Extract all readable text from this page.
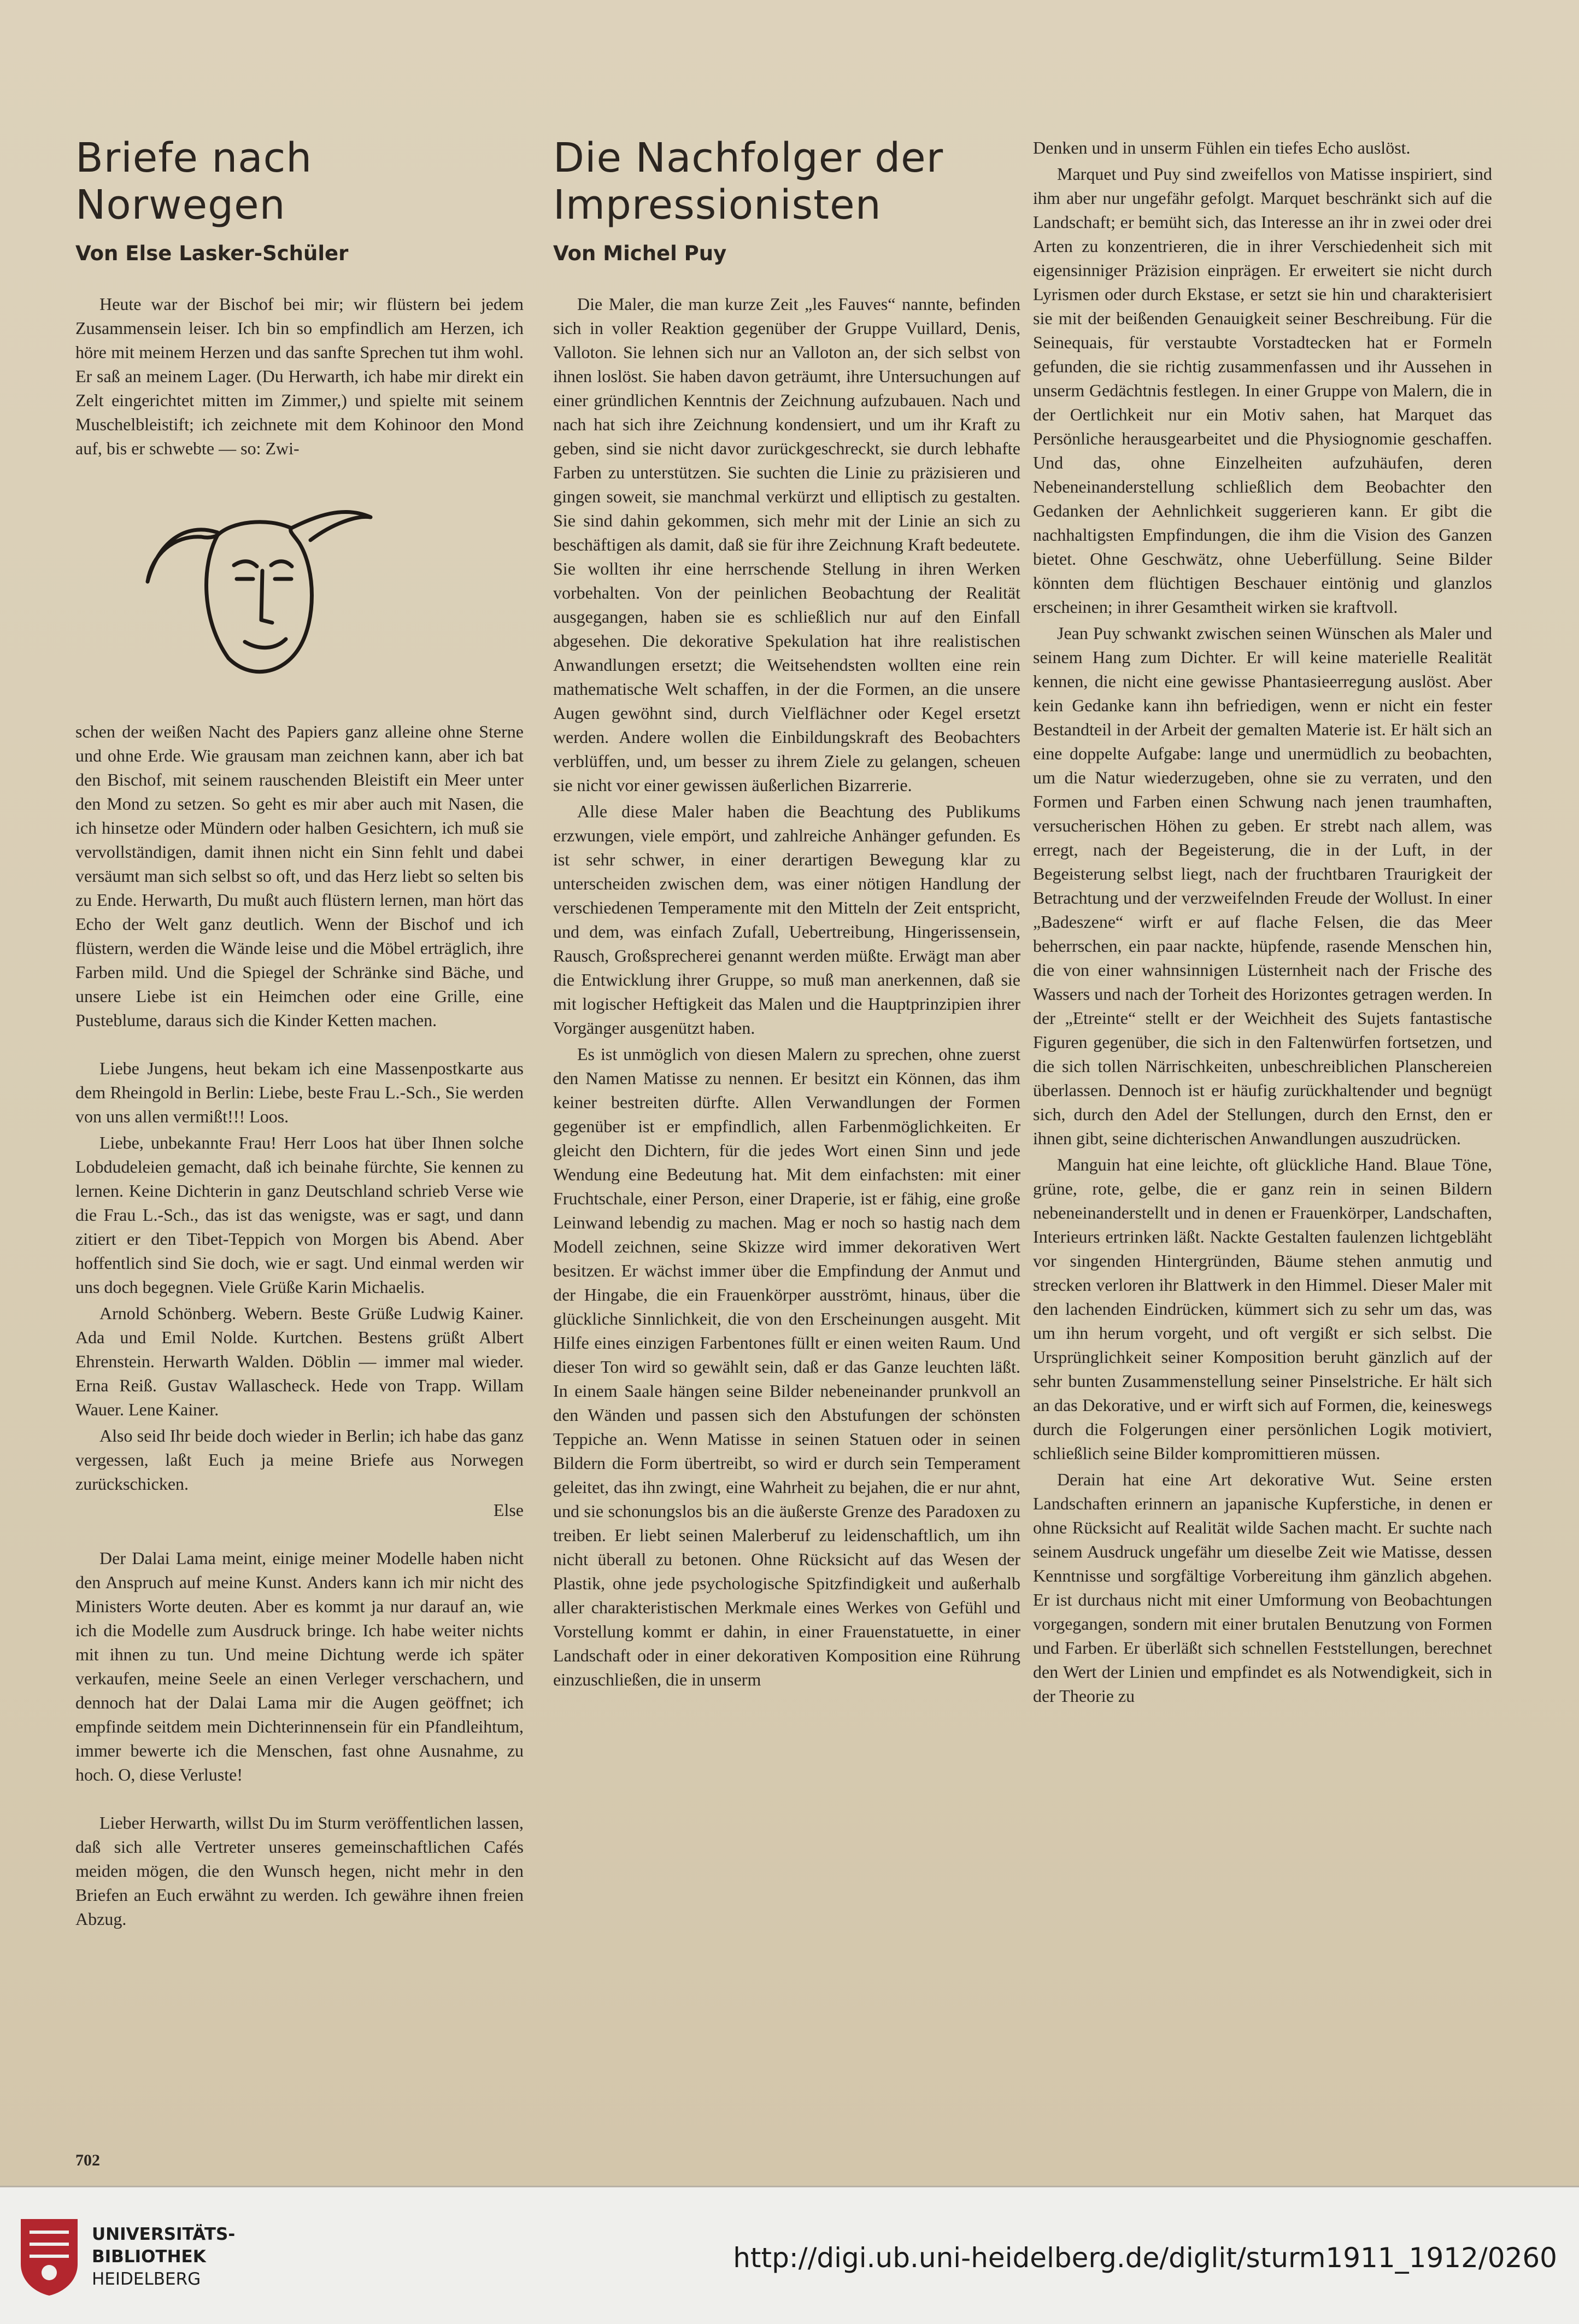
Briefe nach Norwegen
Von Else Lasker-Schüler

Heute war der Bischof bei mir; wir flüstern bei jedem Zusammensein leiser. Ich bin so empfindlich am Herzen, ich höre mit meinem Herzen und das sanfte Sprechen tut ihm wohl. Er saß an meinem Lager. (Du Herwarth, ich habe mir direkt ein Zelt eingerichtet mitten im Zimmer,) und spielte mit seinem Muschelbleistift; ich zeichnete mit dem Kohinoor den Mond auf, bis er schwebte — so: Zwi-

schen der weißen Nacht des Papiers ganz alleine ohne Sterne und ohne Erde. Wie grausam man zeichnen kann, aber ich bat den Bischof, mit seinem rauschenden Bleistift ein Meer unter den Mond zu setzen. So geht es mir aber auch mit Nasen, die ich hinsetze oder Mündern oder halben Gesichtern, ich muß sie vervollständigen, damit ihnen nicht ein Sinn fehlt und dabei versäumt man sich selbst so oft, und das Herz liebt so selten bis zu Ende. Herwarth, Du mußt auch flüstern lernen, man hört das Echo der Welt ganz deutlich. Wenn der Bischof und ich flüstern, werden die Wände leise und die Möbel erträglich, ihre Farben mild. Und die Spiegel der Schränke sind Bäche, und unsere Liebe ist ein Heimchen oder eine Grille, eine Pusteblume, daraus sich die Kinder Ketten machen.

Liebe Jungens, heut bekam ich eine Massenpostkarte aus dem Rheingold in Berlin: Liebe, beste Frau L.-Sch., Sie werden von uns allen vermißt!!! Loos.

Liebe, unbekannte Frau! Herr Loos hat über Ihnen solche Lobdudeleien gemacht, daß ich beinahe fürchte, Sie kennen zu lernen. Keine Dichterin in ganz Deutschland schrieb Verse wie die Frau L.-Sch., das ist das wenigste, was er sagt, und dann zitiert er den Tibet-Teppich von Morgen bis Abend. Aber hoffentlich sind Sie doch, wie er sagt. Und einmal werden wir uns doch begegnen. Viele Grüße Karin Michaelis.

Arnold Schönberg. Webern. Beste Grüße Ludwig Kainer. Ada und Emil Nolde. Kurtchen. Bestens grüßt Albert Ehrenstein. Herwarth Walden. Döblin — immer mal wieder. Erna Reiß. Gustav Wallascheck. Hede von Trapp. Willam Wauer. Lene Kainer.

Also seid Ihr beide doch wieder in Berlin; ich habe das ganz vergessen, laßt Euch ja meine Briefe aus Norwegen zurückschicken.

Else

Der Dalai Lama meint, einige meiner Modelle haben nicht den Anspruch auf meine Kunst. Anders kann ich mir nicht des Ministers Worte deuten. Aber es kommt ja nur darauf an, wie ich die Modelle zum Ausdruck bringe. Ich habe weiter nichts mit ihnen zu tun. Und meine Dichtung werde ich später verkaufen, meine Seele an einen Verleger verschachern, und dennoch hat der Dalai Lama mir die Augen geöffnet; ich empfinde seitdem mein Dichterinnensein für ein Pfandleihtum, immer bewerte ich die Menschen, fast ohne Ausnahme, zu hoch. O, diese Verluste!

Lieber Herwarth, willst Du im Sturm veröffentlichen lassen, daß sich alle Vertreter unseres gemeinschaftlichen Cafés meiden mögen, die den Wunsch hegen, nicht mehr in den Briefen an Euch erwähnt zu werden. Ich gewähre ihnen freien Abzug.

Die Nachfolger der Impressionisten
Von Michel Puy

Die Maler, die man kurze Zeit „les Fauves“ nannte, befinden sich in voller Reaktion gegenüber der Gruppe Vuillard, Denis, Valloton. Sie lehnen sich nur an Valloton an, der sich selbst von ihnen loslöst. Sie haben davon geträumt, ihre Untersuchungen auf einer gründlichen Kenntnis der Zeichnung aufzubauen. Nach und nach hat sich ihre Zeichnung kondensiert, und um ihr Kraft zu geben, sind sie nicht davor zurückgeschreckt, sie durch lebhafte Farben zu unterstützen. Sie suchten die Linie zu präzisieren und gingen soweit, sie manchmal verkürzt und elliptisch zu gestalten. Sie sind dahin gekommen, sich mehr mit der Linie an sich zu beschäftigen als damit, daß sie für ihre Zeichnung Kraft bedeutete. Sie wollten ihr eine herrschende Stellung in ihren Werken vorbehalten. Von der peinlichen Beobachtung der Realität ausgegangen, haben sie es schließlich nur auf den Einfall abgesehen. Die dekorative Spekulation hat ihre realistischen Anwandlungen ersetzt; die Weitsehendsten wollten eine rein mathematische Welt schaffen, in der die Formen, an die unsere Augen gewöhnt sind, durch Vielflächner oder Kegel ersetzt werden. Andere wollen die Einbildungskraft des Beobachters verblüffen, und, um besser zu ihrem Ziele zu gelangen, scheuen sie nicht vor einer gewissen äußerlichen Bizarrerie.

Alle diese Maler haben die Beachtung des Publikums erzwungen, viele empört, und zahlreiche Anhänger gefunden. Es ist sehr schwer, in einer derartigen Bewegung klar zu unterscheiden zwischen dem, was einer nötigen Handlung der verschiedenen Temperamente mit den Mitteln der Zeit entspricht, und dem, was einfach Zufall, Uebertreibung, Hingerissensein, Rausch, Großsprecherei genannt werden müßte. Erwägt man aber die Entwicklung ihrer Gruppe, so muß man anerkennen, daß sie mit logischer Heftigkeit das Malen und die Hauptprinzipien ihrer Vorgänger ausgenützt haben.

Es ist unmöglich von diesen Malern zu sprechen, ohne zuerst den Namen Matisse zu nennen. Er besitzt ein Können, das ihm keiner bestreiten dürfte. Allen Verwandlungen der Formen gegenüber ist er empfindlich, allen Farbenmöglichkeiten. Er gleicht den Dichtern, für die jedes Wort einen Sinn und jede Wendung eine Bedeutung hat. Mit dem einfachsten: mit einer Fruchtschale, einer Person, einer Draperie, ist er fähig, eine große Leinwand lebendig zu machen. Mag er noch so hastig nach dem Modell zeichnen, seine Skizze wird immer dekorativen Wert besitzen. Er wächst immer über die Empfindung der Anmut und der Hingabe, die ein Frauenkörper ausströmt, hinaus, über die glückliche Sinnlichkeit, die von den Erscheinungen ausgeht. Mit Hilfe eines einzigen Farbentones füllt er einen weiten Raum. Und dieser Ton wird so gewählt sein, daß er das Ganze leuchten läßt. In einem Saale hängen seine Bilder nebeneinander prunkvoll an den Wänden und passen sich den Abstufungen der schönsten Teppiche an. Wenn Matisse in seinen Statuen oder in seinen Bildern die Form übertreibt, so wird er durch sein Temperament geleitet, das ihn zwingt, eine Wahrheit zu bejahen, die er nur ahnt, und sie schonungslos bis an die äußerste Grenze des Paradoxen zu treiben. Er liebt seinen Malerberuf zu leidenschaftlich, um ihn nicht überall zu betonen. Ohne Rücksicht auf das Wesen der Plastik, ohne jede psychologische Spitzfindigkeit und außerhalb aller charakteristischen Merkmale eines Werkes von Gefühl und Vorstellung kommt er dahin, in einer Frauenstatuette, in einer Landschaft oder in einer dekorativen Komposition eine Rührung einzuschließen, die in unserm

Denken und in unserm Fühlen ein tiefes Echo auslöst.

Marquet und Puy sind zweifellos von Matisse inspiriert, sind ihm aber nur ungefähr gefolgt. Marquet beschränkt sich auf die Landschaft; er bemüht sich, das Interesse an ihr in zwei oder drei Arten zu konzentrieren, die in ihrer Verschiedenheit sich mit eigensinniger Präzision einprägen. Er erweitert sie nicht durch Lyrismen oder durch Ekstase, er setzt sie hin und charakterisiert sie mit der beißenden Genauigkeit seiner Beschreibung. Für die Seinequais, für verstaubte Vorstadtecken hat er Formeln gefunden, die sie richtig zusammenfassen und ihr Aussehen in unserm Gedächtnis festlegen. In einer Gruppe von Malern, die in der Oertlichkeit nur ein Motiv sahen, hat Marquet das Persönliche herausgearbeitet und die Physiognomie geschaffen. Und das, ohne Einzelheiten aufzuhäufen, deren Nebeneinanderstellung schließlich dem Beobachter den Gedanken der Aehnlichkeit suggerieren kann. Er gibt die nachhaltigsten Empfindungen, die ihm die Vision des Ganzen bietet. Ohne Geschwätz, ohne Ueberfüllung. Seine Bilder könnten dem flüchtigen Beschauer eintönig und glanzlos erscheinen; in ihrer Gesamtheit wirken sie kraftvoll.

Jean Puy schwankt zwischen seinen Wünschen als Maler und seinem Hang zum Dichter. Er will keine materielle Realität kennen, die nicht eine gewisse Phantasieerregung auslöst. Aber kein Gedanke kann ihn befriedigen, wenn er nicht ein fester Bestandteil in der Arbeit der gemalten Materie ist. Er hält sich an eine doppelte Aufgabe: lange und unermüdlich zu beobachten, um die Natur wiederzugeben, ohne sie zu verraten, und den Formen und Farben einen Schwung nach jenen traumhaften, versucherischen Höhen zu geben. Er strebt nach allem, was erregt, nach der Begeisterung, die in der Luft, in der Begeisterung selbst liegt, nach der fruchtbaren Traurigkeit der Betrachtung und der verzweifelnden Freude der Wollust. In einer „Badeszene“ wirft er auf flache Felsen, die das Meer beherrschen, ein paar nackte, hüpfende, rasende Menschen hin, die von einer wahnsinnigen Lüsternheit nach der Frische des Wassers und nach der Torheit des Horizontes getragen werden. In der „Etreinte“ stellt er der Weichheit des Sujets fantastische Figuren gegenüber, die sich in den Faltenwürfen fortsetzen, und die sich tollen Närrischkeiten, unbeschreiblichen Planschereien überlassen. Dennoch ist er häufig zurückhaltender und begnügt sich, durch den Adel der Stellungen, durch den Ernst, den er ihnen gibt, seine dichterischen Anwandlungen auszudrücken.

Manguin hat eine leichte, oft glückliche Hand. Blaue Töne, grüne, rote, gelbe, die er ganz rein in seinen Bildern nebeneinanderstellt und in denen er Frauenkörper, Landschaften, Interieurs ertrinken läßt. Nackte Gestalten faulenzen lichtgebläht vor singenden Hintergründen, Bäume stehen anmutig und strecken verloren ihr Blattwerk in den Himmel. Dieser Maler mit den lachenden Eindrücken, kümmert sich zu sehr um das, was um ihn herum vorgeht, und oft vergißt er sich selbst. Die Ursprünglichkeit seiner Komposition beruht gänzlich auf der sehr bunten Zusammenstellung seiner Pinselstriche. Er hält sich an das Dekorative, und er wirft sich auf Formen, die, keineswegs durch die Folgerungen einer persönlichen Logik motiviert, schließlich seine Bilder kompromittieren müssen.

Derain hat eine Art dekorative Wut. Seine ersten Landschaften erinnern an japanische Kupferstiche, in denen er ohne Rücksicht auf Realität wilde Sachen macht. Er suchte nach seinem Ausdruck ungefähr um dieselbe Zeit wie Matisse, dessen Kenntnisse und sorgfältige Vorbereitung ihm gänzlich abgehen. Er ist durchaus nicht mit einer Umformung von Beobachtungen vorgegangen, sondern mit einer brutalen Benutzung von Formen und Farben. Er überläßt sich schnellen Feststellungen, berechnet den Wert der Linien und empfindet es als Notwendigkeit, sich in der Theorie zu

702
UNIVERSITÄTS-
BIBLIOTHEK
HEIDELBERG
http://digi.ub.uni-heidelberg.de/diglit/sturm1911_1912/0260
